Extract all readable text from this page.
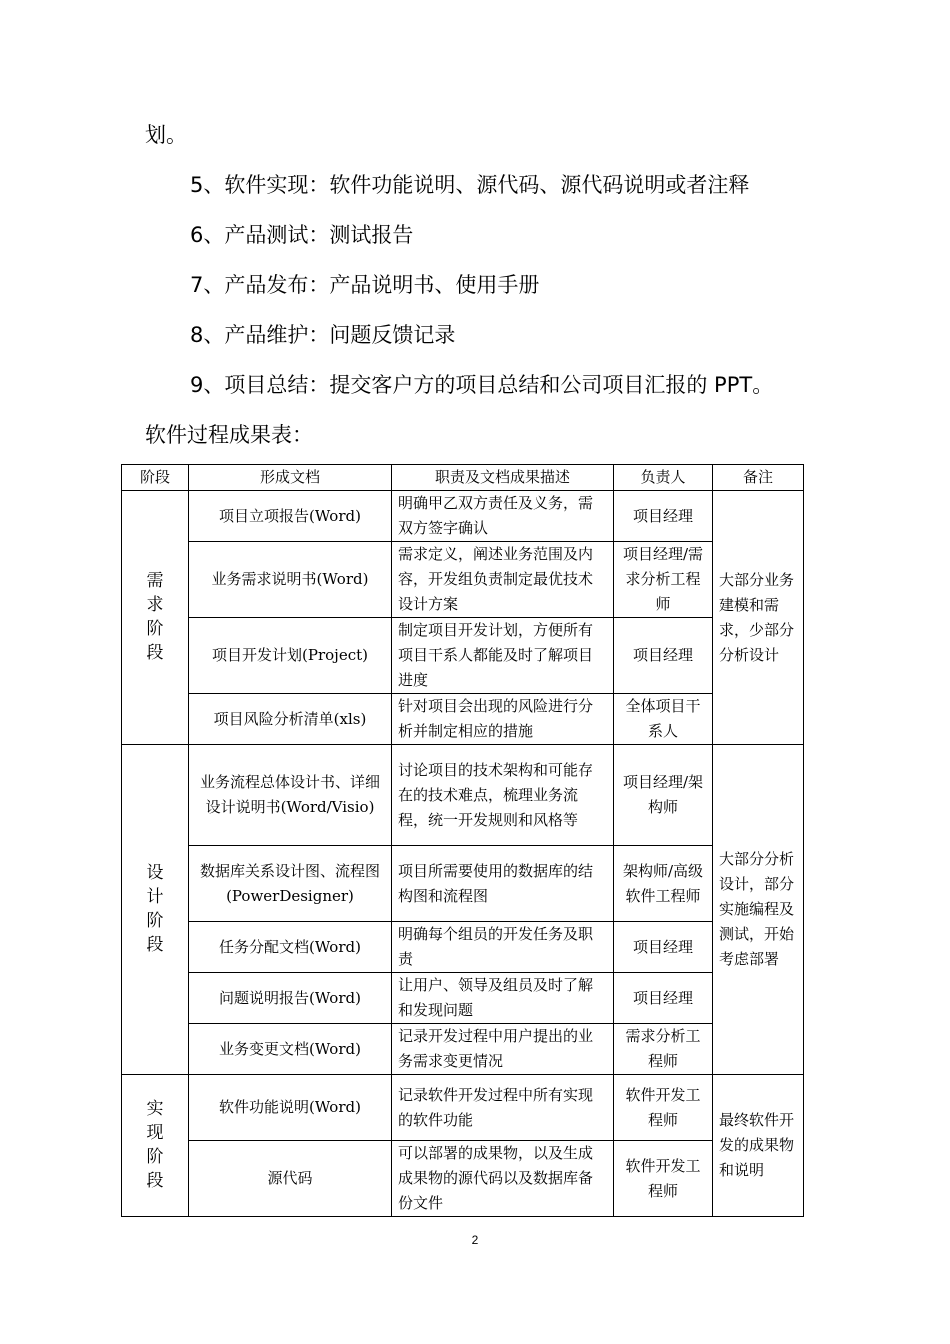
划。
5、软件实现：软件功能说明、源代码、源代码说明或者注释
6、产品测试：测试报告
7、产品发布：产品说明书、使用手册
8、产品维护：问题反馈记录
9、项目总结：提交客户方的项目总结和公司项目汇报的 PPT。
软件过程成果表：
阶段	形成文档	职责及文档成果描述	负责人	备注
需求阶段	项目立项报告(Word)	明确甲乙双方责任及义务，需双方签字确认	项目经理	大部分业务建模和需求，少部分分析设计
	业务需求说明书(Word)	需求定义，阐述业务范围及内容，开发组负责制定最优技术设计方案	项目经理/需求分析工程师	
	项目开发计划(Project)	制定项目开发计划，方便所有项目干系人都能及时了解项目进度	项目经理	
	项目风险分析清单(xls)	针对项目会出现的风险进行分析并制定相应的措施	全体项目干系人	
设计阶段	业务流程总体设计书、详细设计说明书(Word/Visio)	讨论项目的技术架构和可能存在的技术难点，梳理业务流程，统一开发规则和风格等	项目经理/架构师	大部分分析设计，部分实施编程及测试，开始考虑部署
	数据库关系设计图、流程图(PowerDesigner)	项目所需要使用的数据库的结构图和流程图	架构师/高级软件工程师	
	任务分配文档(Word)	明确每个组员的开发任务及职责	项目经理	
	问题说明报告(Word)	让用户、领导及组员及时了解和发现问题	项目经理	
	业务变更文档(Word)	记录开发过程中用户提出的业务需求变更情况	需求分析工程师	
实现阶段	软件功能说明(Word)	记录软件开发过程中所有实现的软件功能	软件开发工程师	最终软件开发的成果物和说明
	源代码	可以部署的成果物，以及生成成果物的源代码以及数据库备份文件	软件开发工程师	
2
